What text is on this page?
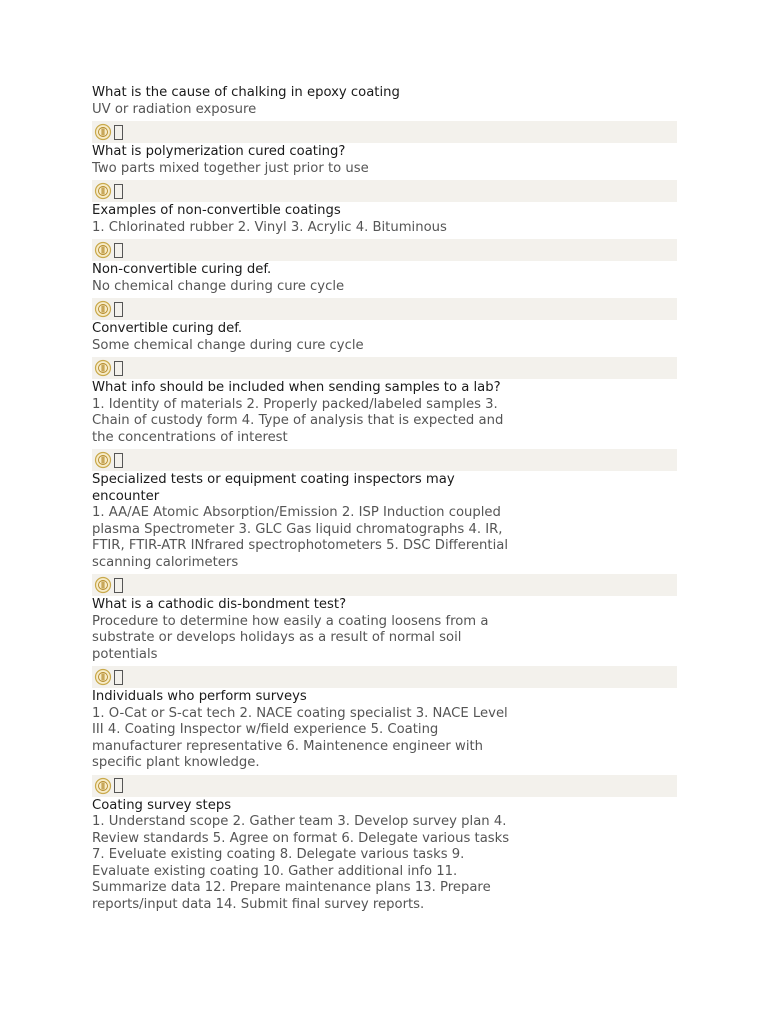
What is the cause of chalking in epoxy coating

UV or radiation exposure

What is polymerization cured coating?

Two parts mixed together just prior to use

Examples of non-convertible coatings

1. Chlorinated rubber 2. Vinyl 3. Acrylic 4. Bituminous

Non-convertible curing def.

No chemical change during cure cycle

Convertible curing def.

Some chemical change during cure cycle

What info should be included when sending samples to a lab?

1. Identity of materials 2. Properly packed/labeled samples 3. Chain of custody form 4. Type of analysis that is expected and the concentrations of interest

Specialized tests or equipment coating inspectors may encounter

1. AA/AE Atomic Absorption/Emission 2. ISP Induction coupled plasma Spectrometer 3. GLC Gas liquid chromatographs 4. IR, FTIR, FTIR-ATR INfrared spectrophotometers 5. DSC Differential scanning calorimeters

What is a cathodic dis-bondment test?

Procedure to determine how easily a coating loosens from a substrate or develops holidays as a result of normal soil potentials

Individuals who perform surveys

1. O-Cat or S-cat tech 2. NACE coating specialist 3. NACE Level III 4. Coating Inspector w/field experience 5. Coating manufacturer representative 6. Maintenence engineer with specific plant knowledge.

Coating survey steps

1. Understand scope 2. Gather team 3. Develop survey plan 4. Review standards 5. Agree on format 6. Delegate various tasks 7. Eveluate existing coating 8. Delegate various tasks 9. Evaluate existing coating 10. Gather additional info 11. Summarize data 12. Prepare maintenance plans 13. Prepare reports/input data 14. Submit final survey reports.
